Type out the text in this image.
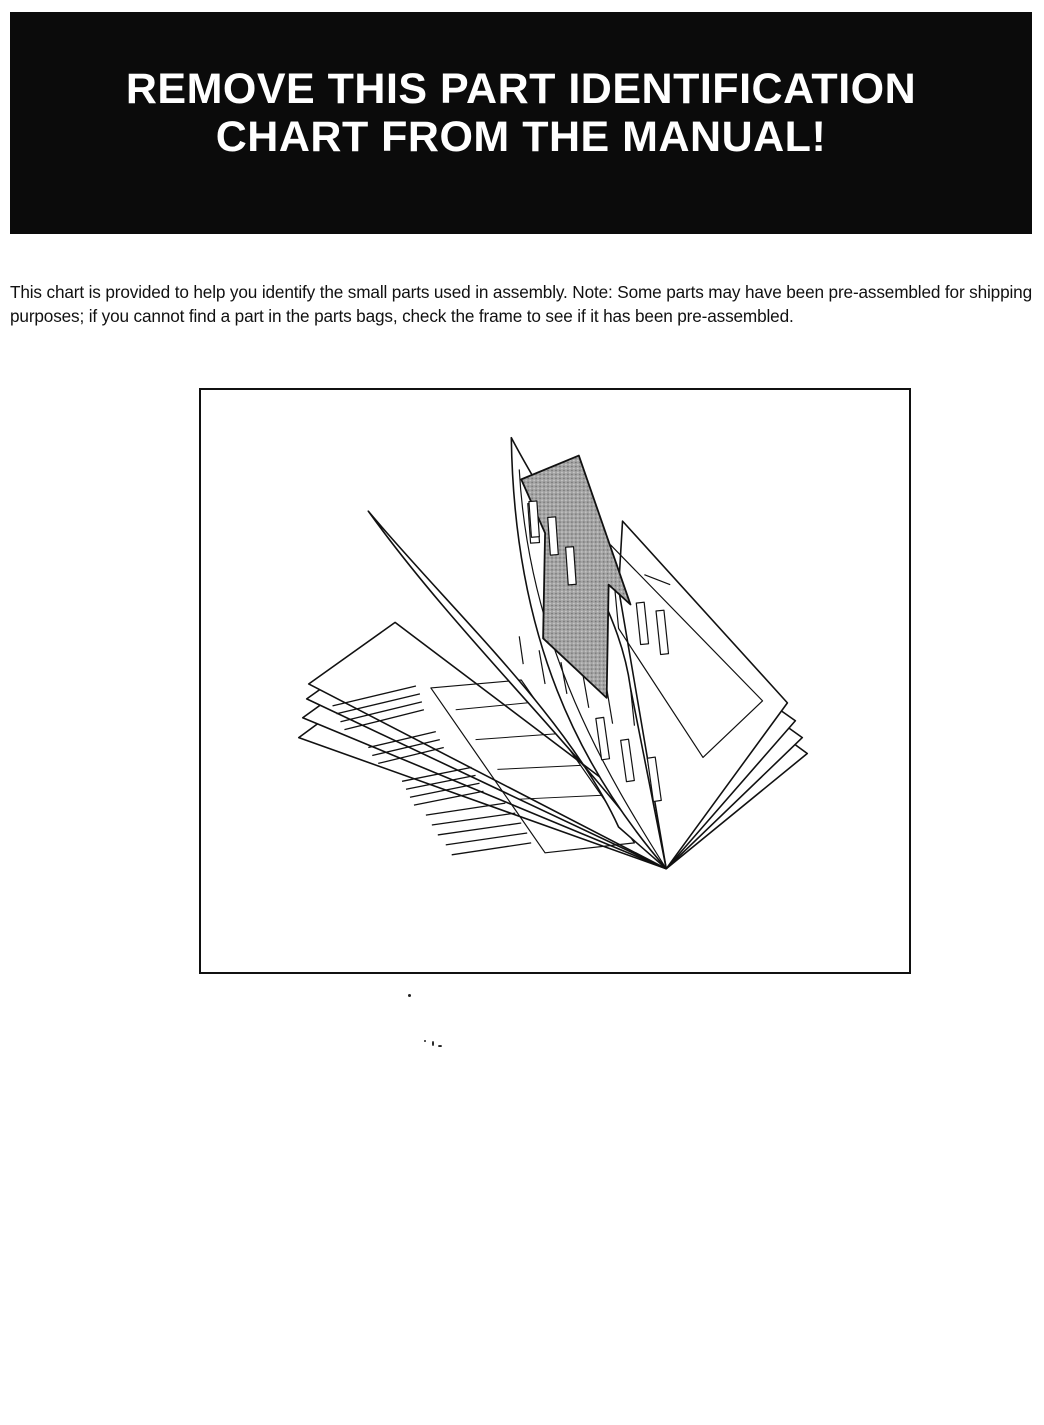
REMOVE THIS PART IDENTIFICATION
CHART FROM THE MANUAL!

This chart is provided to help you identify the small parts used in assembly. Note: Some parts may have been pre-assembled for shipping purposes; if you cannot find a part in the parts bags, check the frame to see if it has been pre-assembled.
